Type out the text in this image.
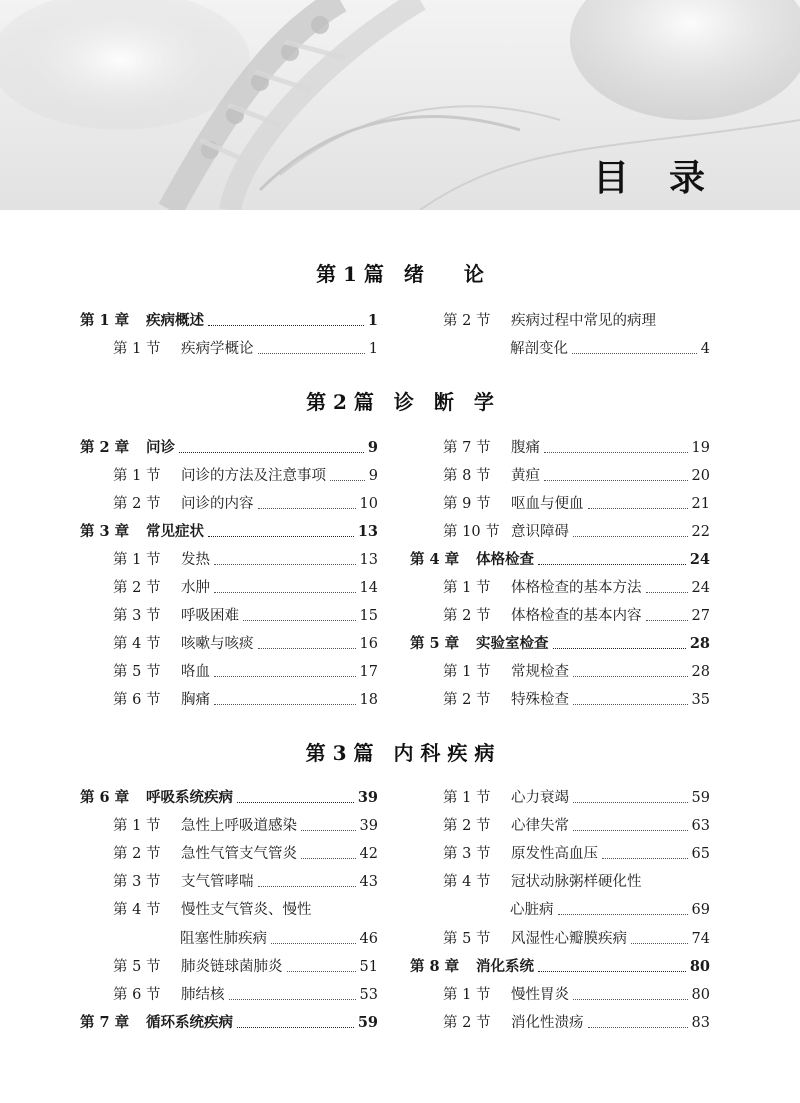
目录
第 1 篇　绪　　论
第 2 篇　诊　断　学
第 3 篇　内 科 疾 病
第 1 章	疾病概述	1
第 1 节	疾病学概论	1
第 2 节	疾病过程中常见的病理
解剖变化	4
第 2 章	问诊	9
第 1 节	问诊的方法及注意事项	9
第 2 节	问诊的内容	10
第 3 章	常见症状	13
第 1 节	发热	13
第 2 节	水肿	14
第 3 节	呼吸困难	15
第 4 节	咳嗽与咳痰	16
第 5 节	咯血	17
第 6 节	胸痛	18
第 7 节	腹痛	19
第 8 节	黄疸	20
第 9 节	呕血与便血	21
第 10 节 意识障碍	22
第 4 章	体格检查	24
第 1 节	体格检查的基本方法	24
第 2 节	体格检查的基本内容	27
第 5 章	实验室检查	28
第 1 节	常规检查	28
第 2 节	特殊检查	35
第 6 章	呼吸系统疾病	39
第 1 节	急性上呼吸道感染	39
第 2 节	急性气管支气管炎	42
第 3 节	支气管哮喘	43
第 4 节	慢性支气管炎、慢性
阻塞性肺疾病	46
第 5 节	肺炎链球菌肺炎	51
第 6 节	肺结核	53
第 7 章	循环系统疾病	59
第 1 节	心力衰竭	59
第 2 节	心律失常	63
第 3 节	原发性高血压	65
第 4 节	冠状动脉粥样硬化性
心脏病	69
第 5 节	风湿性心瓣膜疾病	74
第 8 章	消化系统	80
第 1 节	慢性胃炎	80
第 2 节	消化性溃疡	83
